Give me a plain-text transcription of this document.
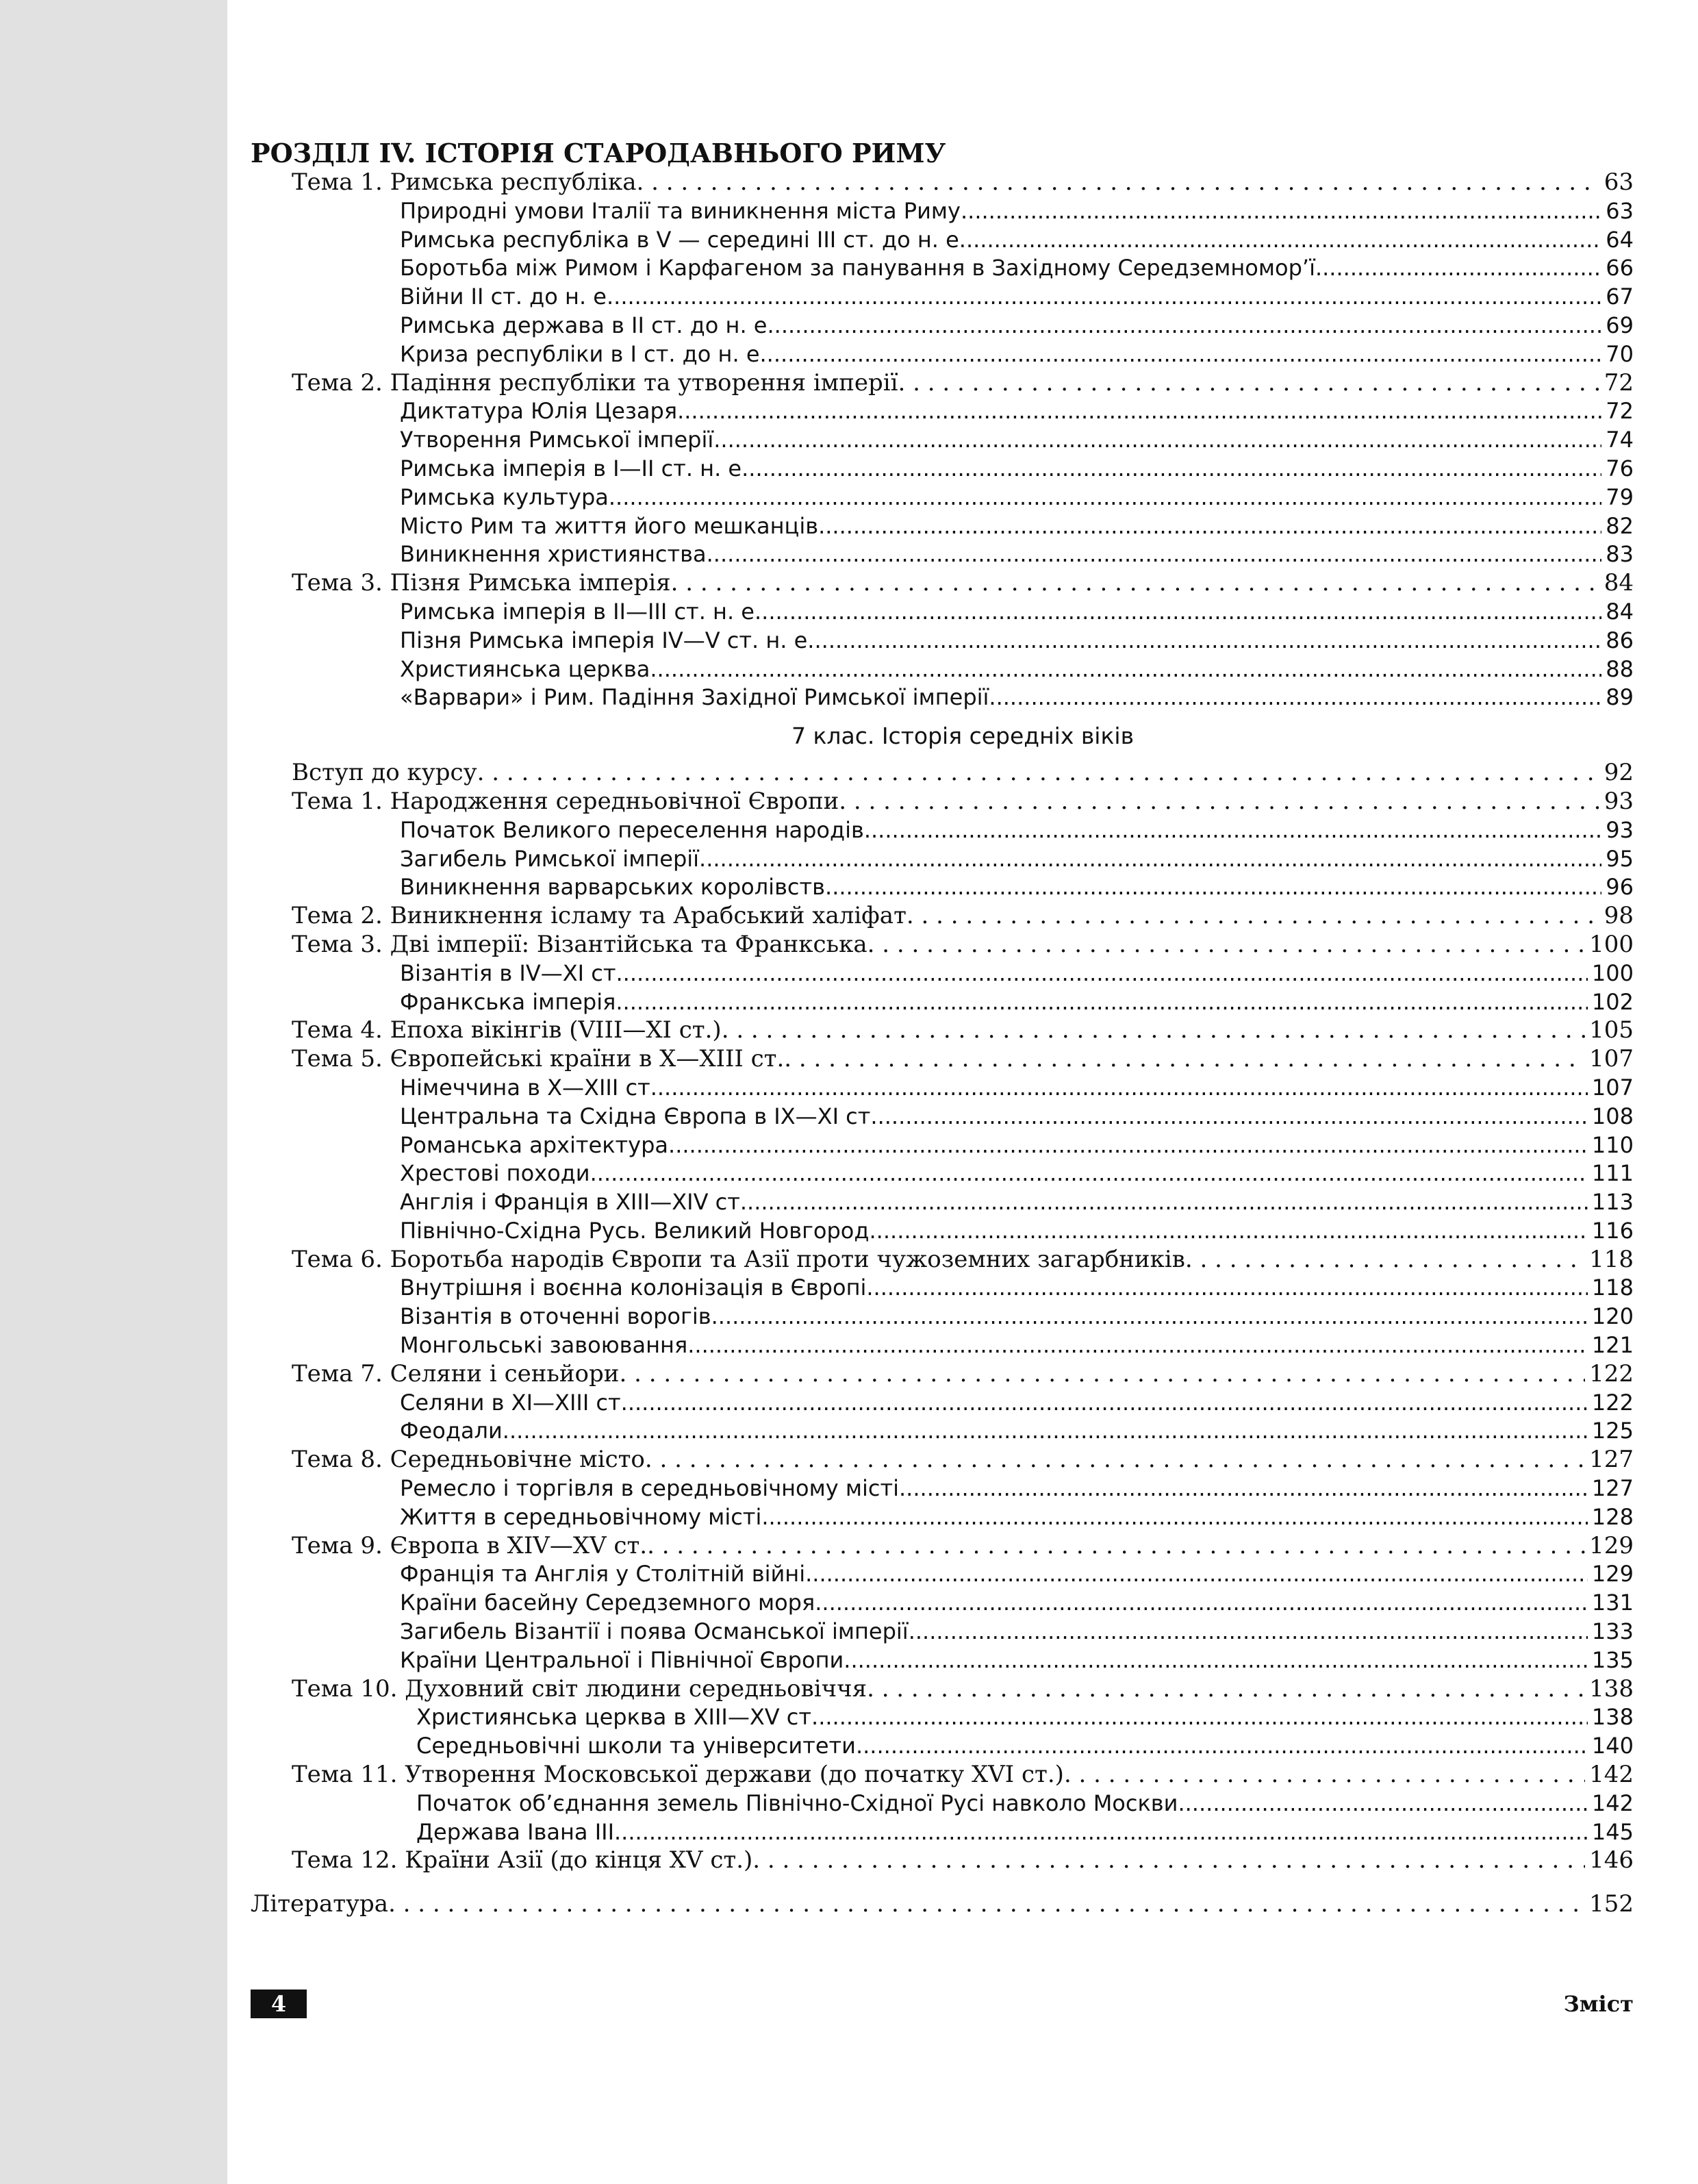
РОЗДІЛ IV. ІСТОРІЯ СТАРОДАВНЬОГО РИМУ
Тема 1. Римська республіка . . .	63
Природні умови Італії та виникнення міста Риму .....	63
Римська республіка в V — середині III ст. до н. е. .....	64
Боротьба між Римом і Карфагеном за панування в Західному Середземномор’ї .....	66
Війни II ст. до н. е. .....	67
Римська держава в II ст. до н. е. .....	69
Криза республіки в I ст. до н. е. .....	70
Тема 2. Падіння республіки та утворення імперії . . .	72
Диктатура Юлія Цезаря .....	72
Утворення Римської імперії. .....	74
Римська імперія в I—II ст. н. е. .....	76
Римська культура .....	79
Місто Рим та життя його мешканців .....	82
Виникнення християнства .....	83
Тема 3. Пізня Римська імперія . . .	84
Римська імперія в II—III ст. н. е. .....	84
Пізня Римська імперія IV—V ст. н. е. .....	86
Християнська церква .....	88
«Варвари» і Рим. Падіння Західної Римської імперії .....	89
7 клас. Історія середніх віків
Вступ до курсу . . .	92
Тема 1. Народження середньовічної Європи . . .	93
Початок Великого переселення народів .....	93
Загибель Римської імперії .....	95
Виникнення варварських королівств .....	96
Тема 2. Виникнення ісламу та Арабський халіфат . . .	98
Тема 3. Дві імперії: Візантійська та Франкська . . .	100
Візантія в IV—XI ст. .....	100
Франкська імперія .....	102
Тема 4. Епоха вікінгів (VIII—XI ст.) . . .	105
Тема 5. Європейські країни в X—XIII ст. . . .	107
Німеччина в X—XIII ст. .....	107
Центральна та Східна Європа в IX—XI ст. .....	108
Романська архітектура .....	110
Хрестові походи .....	111
Англія і Франція в XIII—XIV ст. .....	113
Північно-Східна Русь. Великий Новгород .....	116
Тема 6. Боротьба народів Європи та Азії проти чужоземних загарбників . . .	118
Внутрішня і воєнна колонізація в Європі .....	118
Візантія в оточенні ворогів .....	120
Монгольські завоювання .....	121
Тема 7. Селяни і сеньйори . . .	122
Селяни в XI—XIII ст. .....	122
Феодали .....	125
Тема 8. Середньовічне місто . . .	127
Ремесло і торгівля в середньовічному місті .....	127
Життя в середньовічному місті .....	128
Тема 9. Європа в XIV—XV ст. . . .	129
Франція та Англія у Столітній війні .....	129
Країни басейну Середземного моря .....	131
Загибель Візантії і поява Османської імперії .....	133
Країни Центральної і Північної Європи .....	135
Тема 10. Духовний світ людини середньовіччя . . .	138
Християнська церква в XIII—XV ст. .....	138
Середньовічні школи та університети .....	140
Тема 11. Утворення Московської держави (до початку XVI ст.) . . .	142
Початок об’єднання земель Північно-Східної Русі навколо Москви .....	142
Держава Івана III .....	145
Тема 12. Країни Азії (до кінця XV ст.) . . .	146
Література . . .	152
4	Зміст
